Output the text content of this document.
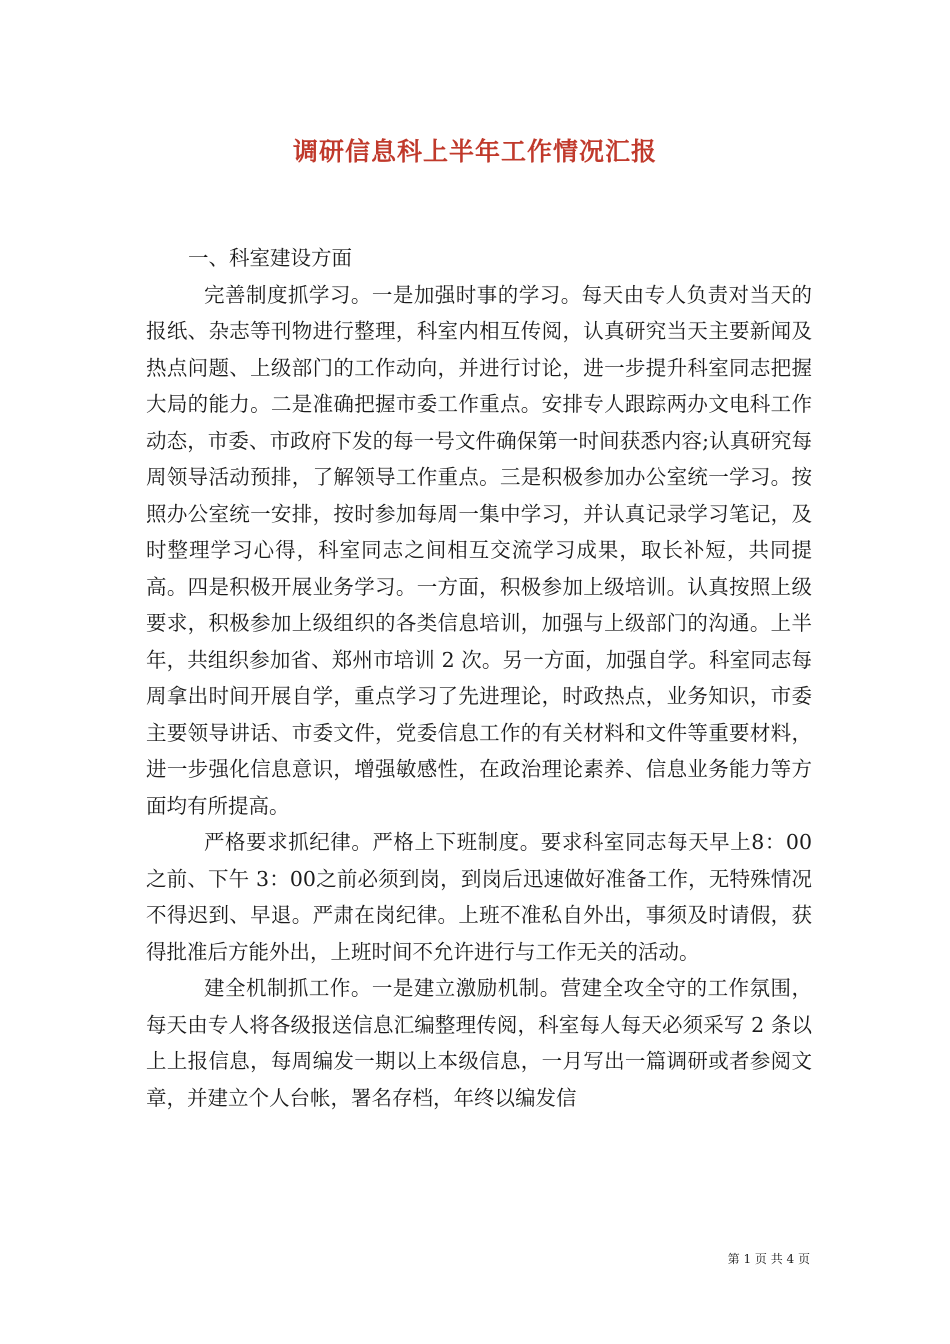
调研信息科上半年工作情况汇报
一、科室建设方面

完善制度抓学习。一是加强时事的学习。每天由专人负责对当天的报纸、杂志等刊物进行整理，科室内相互传阅，认真研究当天主要新闻及热点问题、上级部门的工作动向，并进行讨论，进一步提升科室同志把握大局的能力。二是准确把握市委工作重点。安排专人跟踪两办文电科工作动态，市委、市政府下发的每一号文件确保第一时间获悉内容;认真研究每周领导活动预排，了解领导工作重点。三是积极参加办公室统一学习。按照办公室统一安排，按时参加每周一集中学习，并认真记录学习笔记，及时整理学习心得，科室同志之间相互交流学习成果，取长补短，共同提高。四是积极开展业务学习。一方面，积极参加上级培训。认真按照上级要求，积极参加上级组织的各类信息培训，加强与上级部门的沟通。上半年，共组织参加省、郑州市培训 2 次。另一方面，加强自学。科室同志每周拿出时间开展自学，重点学习了先进理论，时政热点，业务知识，市委主要领导讲话、市委文件，党委信息工作的有关材料和文件等重要材料，进一步强化信息意识，增强敏感性，在政治理论素养、信息业务能力等方面均有所提高。

严格要求抓纪律。严格上下班制度。要求科室同志每天早上8：00之前、下午 3：00之前必须到岗，到岗后迅速做好准备工作，无特殊情况不得迟到、早退。严肃在岗纪律。上班不准私自外出，事须及时请假，获得批准后方能外出，上班时间不允许进行与工作无关的活动。

建全机制抓工作。一是建立激励机制。营建全攻全守的工作氛围，每天由专人将各级报送信息汇编整理传阅，科室每人每天必须采写 2 条以上上报信息，每周编发一期以上本级信息，一月写出一篇调研或者参阅文章，并建立个人台帐，署名存档，年终以编发信

第 1 页 共 4 页
